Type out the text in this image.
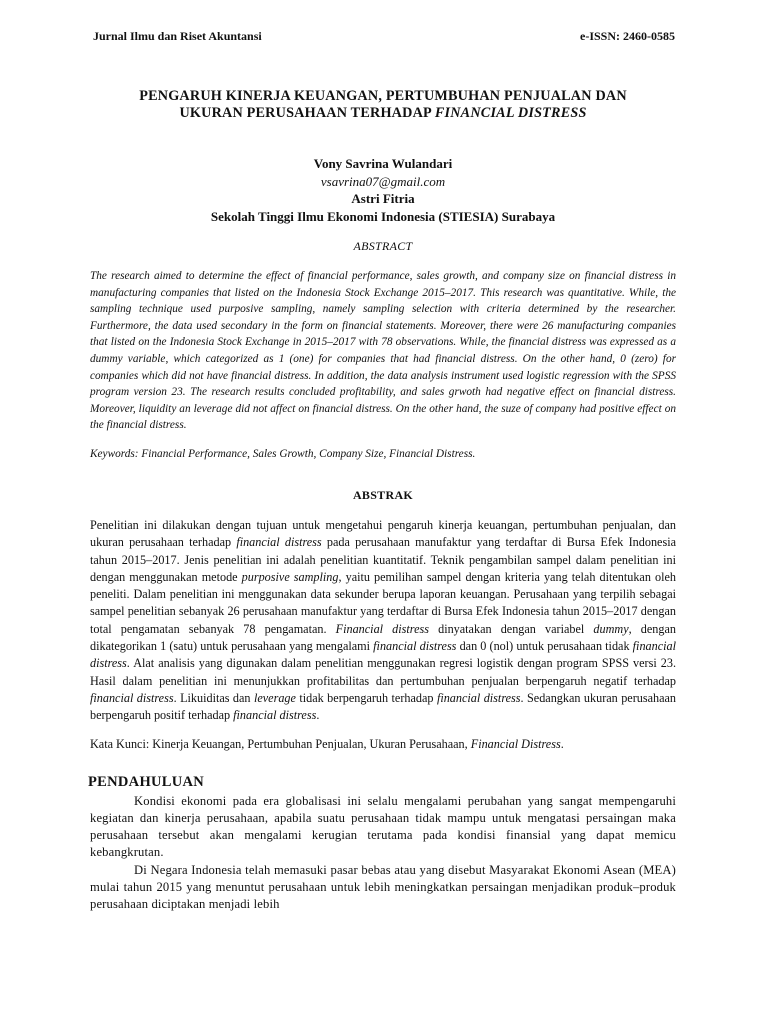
Jurnal Ilmu dan Riset Akuntansi	e-ISSN: 2460-0585
PENGARUH KINERJA KEUANGAN, PERTUMBUHAN PENJUALAN DAN
UKURAN PERUSAHAAN TERHADAP FINANCIAL DISTRESS
Vony Savrina Wulandari
vsavrina07@gmail.com
Astri Fitria
Sekolah Tinggi Ilmu Ekonomi Indonesia (STIESIA) Surabaya
ABSTRACT
The research aimed to determine the effect of financial performance, sales growth, and company size on financial distress in manufacturing companies that listed on the Indonesia Stock Exchange 2015–2017. This research was quantitative. While, the sampling technique used purposive sampling, namely sampling selection with criteria determined by the researcher. Furthermore, the data used secondary in the form on financial statements. Moreover, there were 26 manufacturing companies that listed on the Indonesia Stock Exchange in 2015–2017 with 78 observations. While, the financial distress was expressed as a dummy variable, which categorized as 1 (one) for companies that had financial distress. On the other hand, 0 (zero) for companies which did not have financial distress. In addition, the data analysis instrument used logistic regression with the SPSS program version 23. The research results concluded profitability, and sales grwoth had negative effect on financial distress. Moreover, liquidity an leverage did not affect on financial distress. On the other hand, the suze of company had positive effect on the financial distress.
Keywords: Financial Performance, Sales Growth, Company Size, Financial Distress.
ABSTRAK
Penelitian ini dilakukan dengan tujuan untuk mengetahui pengaruh kinerja keuangan, pertumbuhan penjualan, dan ukuran perusahaan terhadap financial distress pada perusahaan manufaktur yang terdaftar di Bursa Efek Indonesia tahun 2015–2017. Jenis penelitian ini adalah penelitian kuantitatif. Teknik pengambilan sampel dalam penelitian ini dengan menggunakan metode purposive sampling, yaitu pemilihan sampel dengan kriteria yang telah ditentukan oleh peneliti. Dalam penelitian ini menggunakan data sekunder berupa laporan keuangan. Perusahaan yang terpilih sebagai sampel penelitian sebanyak 26 perusahaan manufaktur yang terdaftar di Bursa Efek Indonesia tahun 2015–2017 dengan total pengamatan sebanyak 78 pengamatan. Financial distress dinyatakan dengan variabel dummy, dengan dikategorikan 1 (satu) untuk perusahaan yang mengalami financial distress dan 0 (nol) untuk perusahaan tidak financial distress. Alat analisis yang digunakan dalam penelitian menggunakan regresi logistik dengan program SPSS versi 23. Hasil dalam penelitian ini menunjukkan profitabilitas dan pertumbuhan penjualan berpengaruh negatif terhadap financial distress. Likuiditas dan leverage tidak berpengaruh terhadap financial distress. Sedangkan ukuran perusahaan berpengaruh positif terhadap financial distress.
Kata Kunci: Kinerja Keuangan, Pertumbuhan Penjualan, Ukuran Perusahaan, Financial Distress.
PENDAHULUAN

Kondisi ekonomi pada era globalisasi ini selalu mengalami perubahan yang sangat mempengaruhi kegiatan dan kinerja perusahaan, apabila suatu perusahaan tidak mampu untuk mengatasi persaingan maka perusahaan tersebut akan mengalami kerugian terutama pada kondisi finansial yang dapat memicu kebangkrutan.

Di Negara Indonesia telah memasuki pasar bebas atau yang disebut Masyarakat Ekonomi Asean (MEA) mulai tahun 2015 yang menuntut perusahaan untuk lebih meningkatkan persaingan menjadikan produk–produk perusahaan diciptakan menjadi lebih
